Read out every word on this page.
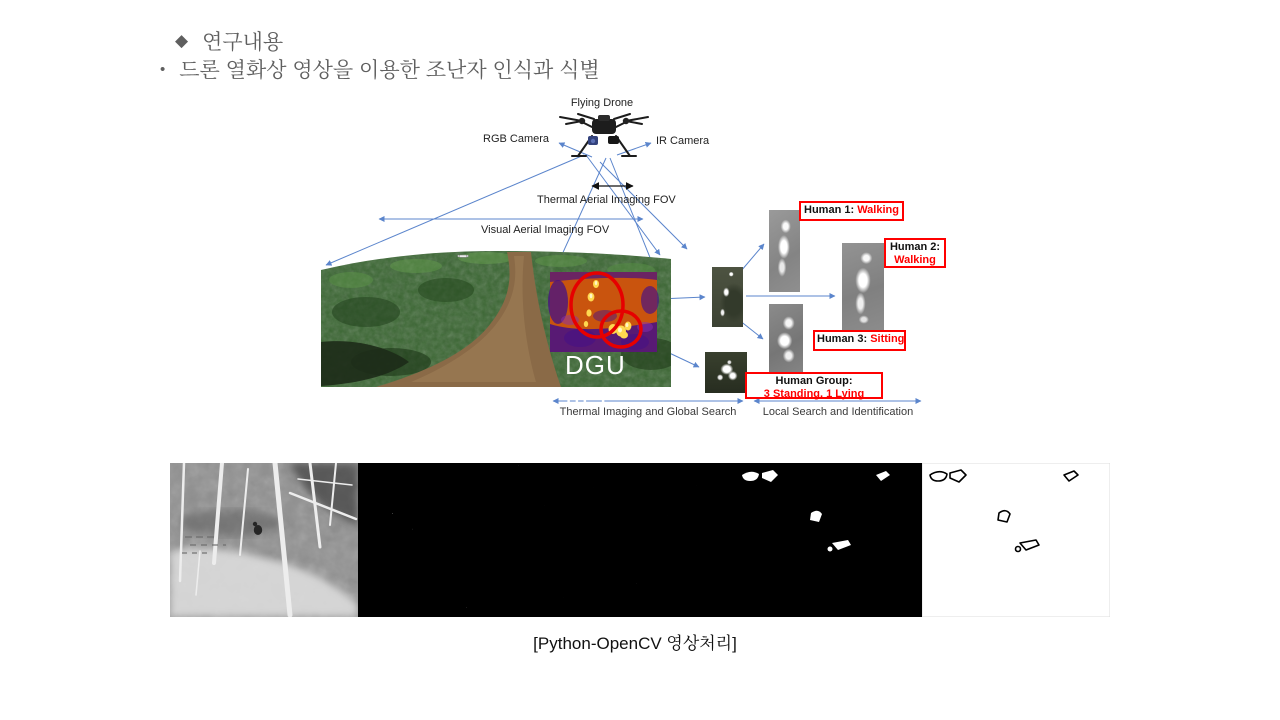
◆ 연구내용
• 드론 열화상 영상을 이용한 조난자 인식과 식별
Flying Drone
RGB Camera	IR Camera
Thermal Aerial Imaging FOV
Visual Aerial Imaging FOV
DGU IIPL
Human 1: Walking
Human 2:
Walking
Human 3: Sitting
Human Group:
3 Standing, 1 Lying
Thermal Imaging and Global Search	Local Search and Identification
[Python-OpenCV 영상처리]
